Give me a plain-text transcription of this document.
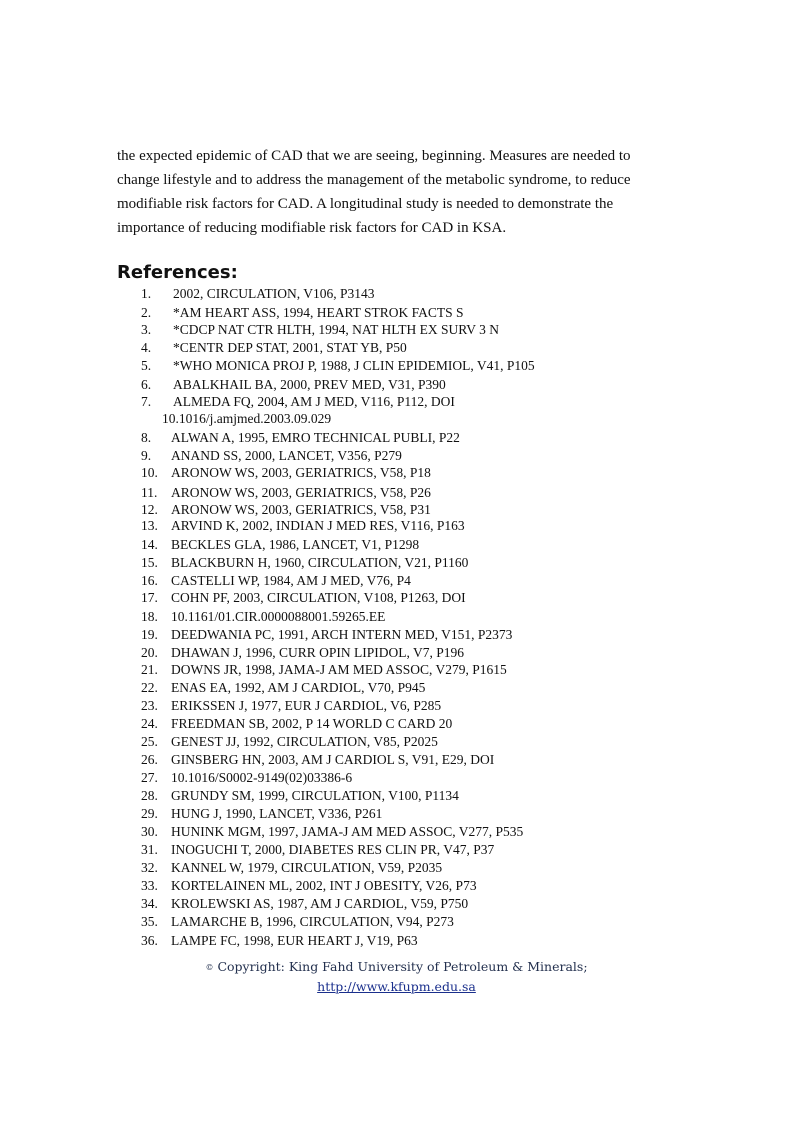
the expected epidemic of CAD that we are seeing, beginning. Measures are needed to
change lifestyle and to address the management of the metabolic syndrome, to reduce
modifiable risk factors for CAD. A longitudinal study is needed to demonstrate the
importance of reducing modifiable risk factors for CAD in KSA.
References:
1. 2002, CIRCULATION, V106, P3143
2. *AM HEART ASS, 1994, HEART STROK FACTS S
3. *CDCP NAT CTR HLTH, 1994, NAT HLTH EX SURV 3 N
4. *CENTR DEP STAT, 2001, STAT YB, P50
5. *WHO MONICA PROJ P, 1988, J CLIN EPIDEMIOL, V41, P105
6. ABALKHAIL BA, 2000, PREV MED, V31, P390
7. ALMEDA FQ, 2004, AM J MED, V116, P112, DOI
10.1016/j.amjmed.2003.09.029
8. ALWAN A, 1995, EMRO TECHNICAL PUBLI, P22
9. ANAND SS, 2000, LANCET, V356, P279
10. ARONOW WS, 2003, GERIATRICS, V58, P18
11. ARONOW WS, 2003, GERIATRICS, V58, P26
12. ARONOW WS, 2003, GERIATRICS, V58, P31
13. ARVIND K, 2002, INDIAN J MED RES, V116, P163
14. BECKLES GLA, 1986, LANCET, V1, P1298
15. BLACKBURN H, 1960, CIRCULATION, V21, P1160
16. CASTELLI WP, 1984, AM J MED, V76, P4
17. COHN PF, 2003, CIRCULATION, V108, P1263, DOI
18. 10.1161/01.CIR.0000088001.59265.EE
19. DEEDWANIA PC, 1991, ARCH INTERN MED, V151, P2373
20. DHAWAN J, 1996, CURR OPIN LIPIDOL, V7, P196
21. DOWNS JR, 1998, JAMA-J AM MED ASSOC, V279, P1615
22. ENAS EA, 1992, AM J CARDIOL, V70, P945
23. ERIKSSEN J, 1977, EUR J CARDIOL, V6, P285
24. FREEDMAN SB, 2002, P 14 WORLD C CARD 20
25. GENEST JJ, 1992, CIRCULATION, V85, P2025
26. GINSBERG HN, 2003, AM J CARDIOL S, V91, E29, DOI
27. 10.1016/S0002-9149(02)03386-6
28. GRUNDY SM, 1999, CIRCULATION, V100, P1134
29. HUNG J, 1990, LANCET, V336, P261
30. HUNINK MGM, 1997, JAMA-J AM MED ASSOC, V277, P535
31. INOGUCHI T, 2000, DIABETES RES CLIN PR, V47, P37
32. KANNEL W, 1979, CIRCULATION, V59, P2035
33. KORTELAINEN ML, 2002, INT J OBESITY, V26, P73
34. KROLEWSKI AS, 1987, AM J CARDIOL, V59, P750
35. LAMARCHE B, 1996, CIRCULATION, V94, P273
36. LAMPE FC, 1998, EUR HEART J, V19, P63
© Copyright: King Fahd University of Petroleum & Minerals;
http://www.kfupm.edu.sa
